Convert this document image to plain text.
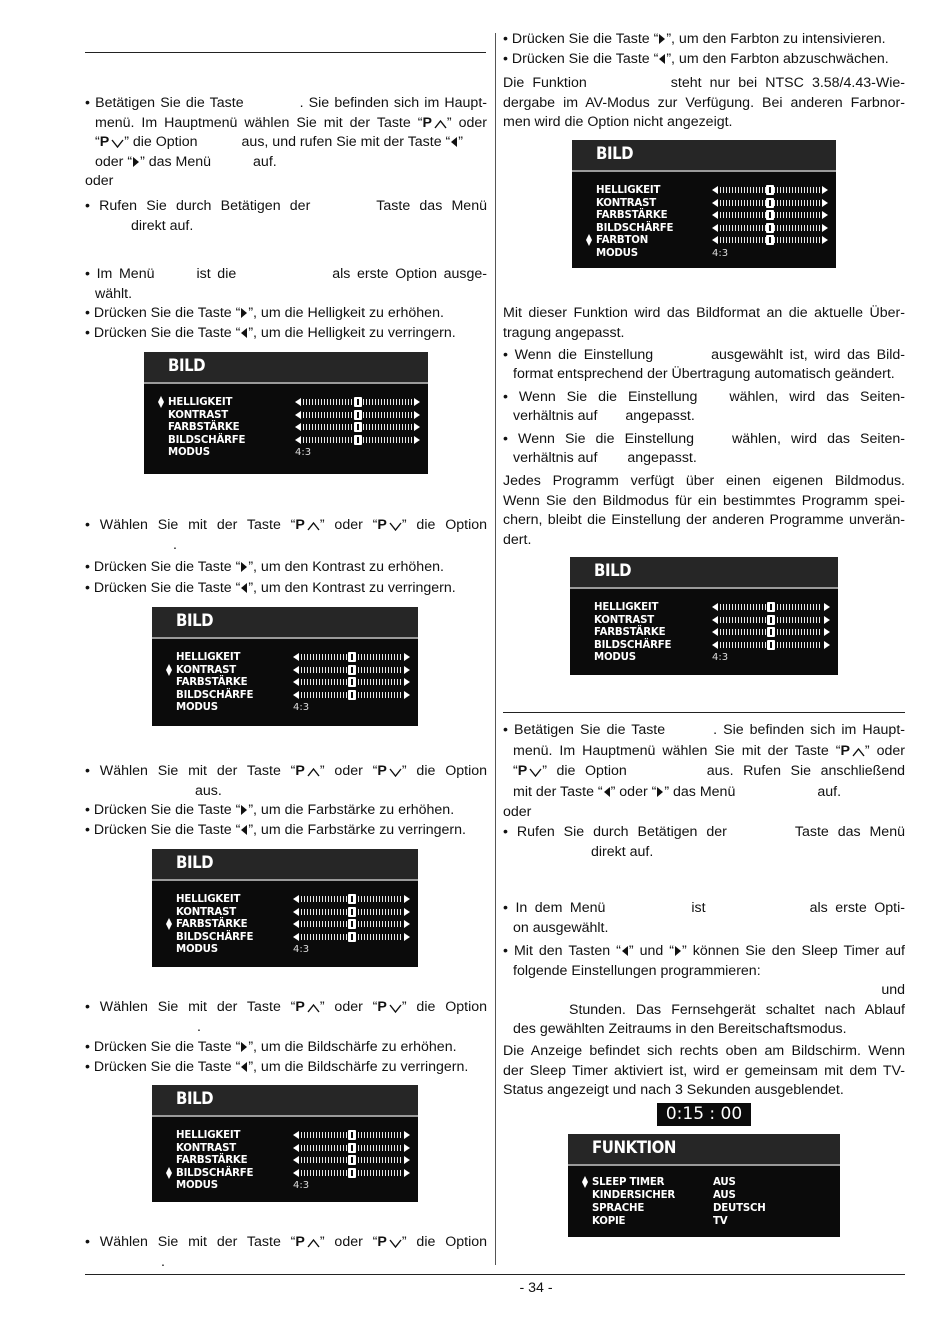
- 34 -
• Betätigen Sie die Taste	. Sie befinden sich im Haupt-
menü. Im Hauptmenü wählen Sie mit der Taste “P ” oder
“P ” die Option	aus, und rufen Sie mit der Taste “ ”
oder “ ” das Menü	auf.
oder
• Rufen Sie durch Betätigen der	Taste das Menü
direkt auf.
• Im Menü	ist die	als erste Option ausge-
wählt.
• Drücken Sie die Taste “ ”, um die Helligkeit zu erhöhen.
• Drücken Sie die Taste “ ”, um die Helligkeit zu verringern.
BILD
HELLIGKEIT
KONTRAST
FARBSTÄRKE
BILDSCHÄRFE
MODUS	4:3
• Wählen Sie mit der Taste “P ” oder “P ” die Option
.
• Drücken Sie die Taste “ ”, um den Kontrast zu erhöhen.
• Drücken Sie die Taste “ ”, um den Kontrast zu verringern.
BILD
HELLIGKEIT
KONTRAST
FARBSTÄRKE
BILDSCHÄRFE
MODUS	4:3
• Wählen Sie mit der Taste “P ” oder “P ” die Option
aus.
• Drücken Sie die Taste “ ”, um die Farbstärke zu erhöhen.
• Drücken Sie die Taste “ ”, um die Farbstärke zu verringern.
BILD
HELLIGKEIT
KONTRAST
FARBSTÄRKE
BILDSCHÄRFE
MODUS	4:3
• Wählen Sie mit der Taste “P ” oder “P ” die Option
.
• Drücken Sie die Taste “ ”, um die Bildschärfe zu erhöhen.
• Drücken Sie die Taste “ ”, um die Bildschärfe zu verringern.
BILD
HELLIGKEIT
KONTRAST
FARBSTÄRKE
BILDSCHÄRFE
MODUS	4:3
• Wählen Sie mit der Taste “P ” oder “P ” die Option
.
• Drücken Sie die Taste “ ”, um den Farbton zu intensivieren.
• Drücken Sie die Taste “ ”, um den Farbton abzuschwächen.
Die Funktion	steht nur bei NTSC 3.58/4.43-Wie-
dergabe im AV-Modus zur Verfügung. Bei anderen Farbnor-
men wird die Option nicht angezeigt.
BILD
HELLIGKEIT
KONTRAST
FARBSTÄRKE
BILDSCHÄRFE
FARBTON
MODUS	4:3
Mit dieser Funktion wird das Bildformat an die aktuelle Über-
tragung angepasst.
• Wenn die Einstellung	ausgewählt ist, wird das Bild-
format entsprechend der Übertragung automatisch geändert.
• Wenn Sie die Einstellung wählen, wird das Seiten-
verhältnis auf angepasst.
• Wenn Sie die Einstellung	wählen, wird das Seiten-
verhältnis auf angepasst.
Jedes Programm verfügt über einen eigenen Bildmodus.
Wenn Sie den Bildmodus für ein bestimmtes Programm spei-
chern, bleibt die Einstellung der anderen Programme unverän-
dert.
BILD
HELLIGKEIT
KONTRAST
FARBSTÄRKE
BILDSCHÄRFE
MODUS	4:3
• Betätigen Sie die Taste	. Sie befinden sich im Haupt-
menü. Im Hauptmenü wählen Sie mit der Taste “P ” oder
“P ” die Option	aus. Rufen Sie anschließend
mit der Taste “ ” oder “ ” das Menü	auf.
oder
• Rufen Sie durch Betätigen der	Taste das Menü
direkt auf.
• In dem Menü	ist	als erste Opti-
on ausgewählt.
• Mit den Tasten “ ” und “ ” können Sie den Sleep Timer auf
folgende Einstellungen programmieren:
und
Stunden. Das Fernsehgerät schaltet nach Ablauf
des gewählten Zeitraums in den Bereitschaftsmodus.
Die Anzeige befindet sich rechts oben am Bildschirm. Wenn
der Sleep Timer aktiviert ist, wird er gemeinsam mit dem TV-
Status angezeigt und nach 3 Sekunden ausgeblendet.
0:15 : 00
FUNKTION
SLEEP TIMER	AUS
KINDERSICHER	AUS
SPRACHE	DEUTSCH
KOPIE	TV
